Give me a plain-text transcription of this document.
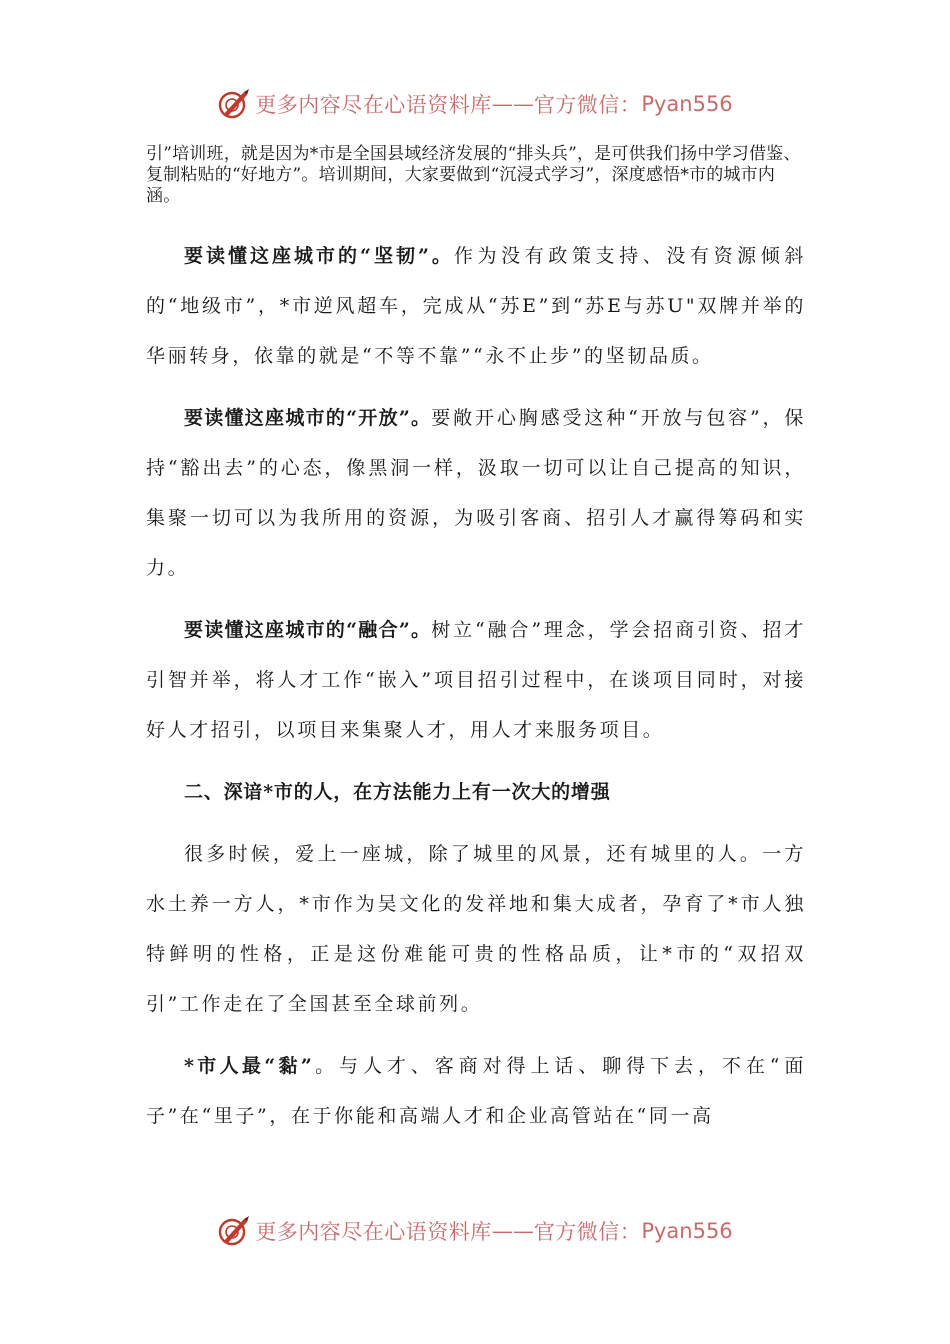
更多内容尽在心语资料库 —— 官方微信： Pyan556

引”培训班，就是因为*市是全国县域经济发展的“排头兵”，是可供我们扬中学习借鉴、复制粘贴的“好地方”。培训期间，大家要做到“沉浸式学习”，深度感悟*市的城市内涵。

要读懂这座城市的“坚韧”。作为没有政策支持、没有资源倾斜的“地级市”，*市逆风超车，完成从“苏E”到“苏E与苏U"双牌并举的华丽转身，依靠的就是“不等不靠”“永不止步”的坚韧品质。

要读懂这座城市的“开放”。要敞开心胸感受这种“开放与包容”，保持“豁出去”的心态，像黑洞一样，汲取一切可以让自己提高的知识，集聚一切可以为我所用的资源，为吸引客商、招引人才赢得筹码和实力。

要读懂这座城市的“融合”。树立“融合”理念，学会招商引资、招才引智并举，将人才工作“嵌入”项目招引过程中，在谈项目同时，对接好人才招引，以项目来集聚人才，用人才来服务项目。

二、深谙*市的人，在方法能力上有一次大的增强

很多时候，爱上一座城，除了城里的风景，还有城里的人。一方水土养一方人，*市作为吴文化的发祥地和集大成者，孕育了*市人独特鲜明的性格，正是这份难能可贵的性格品质，让*市的“双招双引”工作走在了全国甚至全球前列。

*市人最“黏”。与人才、客商对得上话、聊得下去，不在“面子”在“里子”，在于你能和高端人才和企业高管站在“同一高

更多内容尽在心语资料库 —— 官方微信： Pyan556
